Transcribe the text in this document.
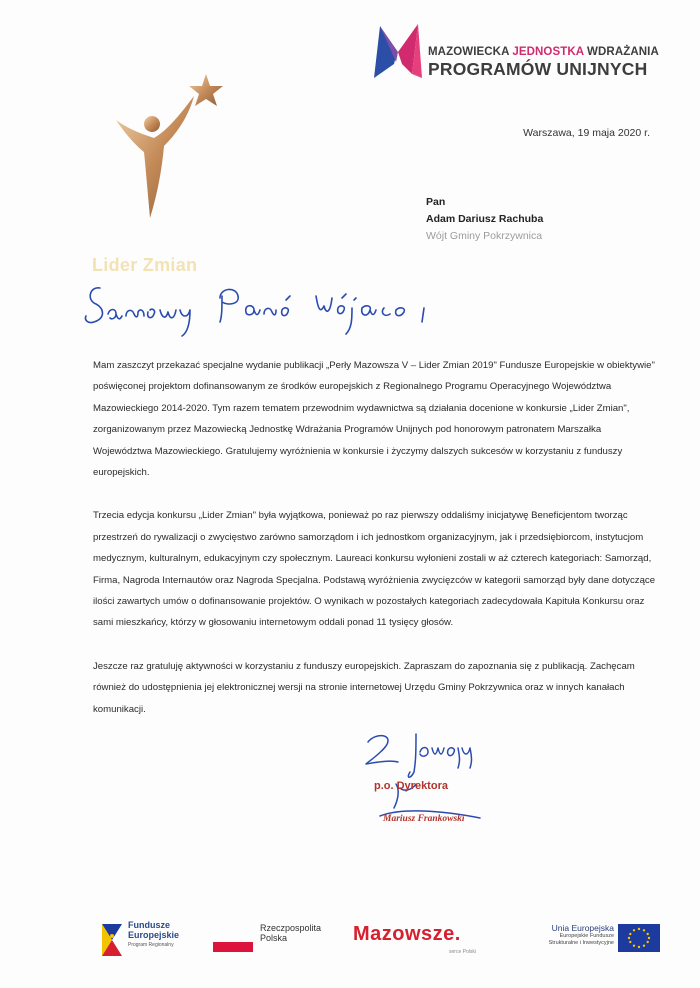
MAZOWIECKA JEDNOSTKA WDRAŻANIA
PROGRAMÓW UNIJNYCH
Lider Zmian
Warszawa, 19 maja 2020 r.
Pan
Adam Dariusz Rachuba
Wójt Gminy Pokrzywnica

Mam zaszczyt przekazać specjalne wydanie publikacji „Perły Mazowsza V – Lider Zmian 2019" Fundusze Europejskie w obiektywie" poświęconej projektom dofinansowanym ze środków europejskich z Regionalnego Programu Operacyjnego Województwa Mazowieckiego 2014-2020. Tym razem tematem przewodnim wydawnictwa są działania docenione w konkursie „Lider Zmian", zorganizowanym przez Mazowiecką Jednostkę Wdrażania Programów Unijnych pod honorowym patronatem Marszałka Województwa Mazowieckiego. Gratulujemy wyróżnienia w konkursie i życzymy dalszych sukcesów w korzystaniu z funduszy europejskich.

Trzecia edycja konkursu „Lider Zmian" była wyjątkowa, ponieważ po raz pierwszy oddaliśmy inicjatywę Beneficjentom tworząc przestrzeń do rywalizacji o zwycięstwo zarówno samorządom i ich jednostkom organizacyjnym, jak i przedsiębiorcom, instytucjom medycznym, kulturalnym, edukacyjnym czy społecznym. Laureaci konkursu wyłonieni zostali w aż czterech kategoriach: Samorząd, Firma, Nagroda Internautów oraz Nagroda Specjalna. Podstawą wyróżnienia zwycięzców w kategorii samorząd były dane dotyczące ilości zawartych umów o dofinansowanie projektów. O wynikach w pozostałych kategoriach zadecydowała Kapituła Konkursu oraz sami mieszkańcy, którzy w głosowaniu internetowym oddali ponad 11 tysięcy głosów.

Jeszcze raz gratuluję aktywności w korzystaniu z funduszy europejskich. Zapraszam do zapoznania się z publikacją. Zachęcam również do udostępnienia jej elektronicznej wersji na stronie internetowej Urzędu Gminy Pokrzywnica oraz w innych kanałach komunikacji.

p.o. Dyrektora
Mariusz Frankowski
Fundusze
Europejskie
Program Regionalny
Rzeczpospolita
Polska	Mazowsze.
serce Polski
Unia Europejska
Europejskie Fundusze
Strukturalne i Inwestycyjne
